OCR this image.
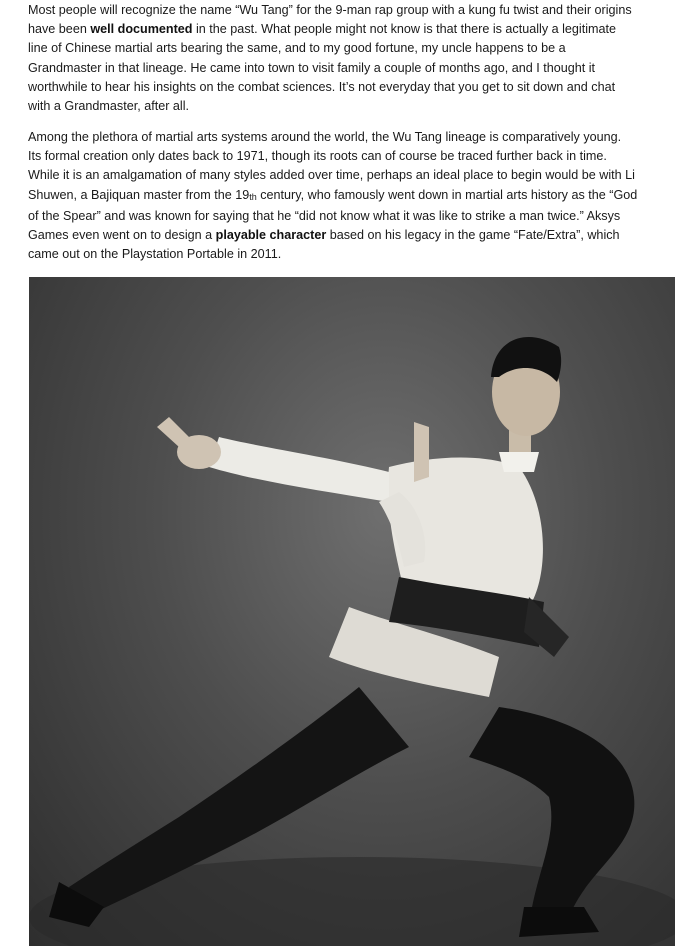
Most people will recognize the name “Wu Tang” for the 9-man rap group with a kung fu twist and their origins
have been well documented in the past. What people might not know is that there is actually a legitimate
line of Chinese martial arts bearing the same, and to my good fortune, my uncle happens to be a
Grandmaster in that lineage. He came into town to visit family a couple of months ago, and I thought it
worthwhile to hear his insights on the combat sciences. It’s not everyday that you get to sit down and chat
with a Grandmaster, after all.

Among the plethora of martial arts systems around the world, the Wu Tang lineage is comparatively young.
Its formal creation only dates back to 1971, though its roots can of course be traced further back in time.
While it is an amalgamation of many styles added over time, perhaps an ideal place to begin would be with Li
Shuwen, a Bajiquan master from the $19_{th}$ century, who famously went down in martial arts history as the “God
of the Spear” and was known for saying that he “did not know what it was like to strike a man twice.” Aksys
Games even went on to design a playable character based on his legacy in the game “Fate/Extra”, which
came out on the Playstation Portable in 2011.
